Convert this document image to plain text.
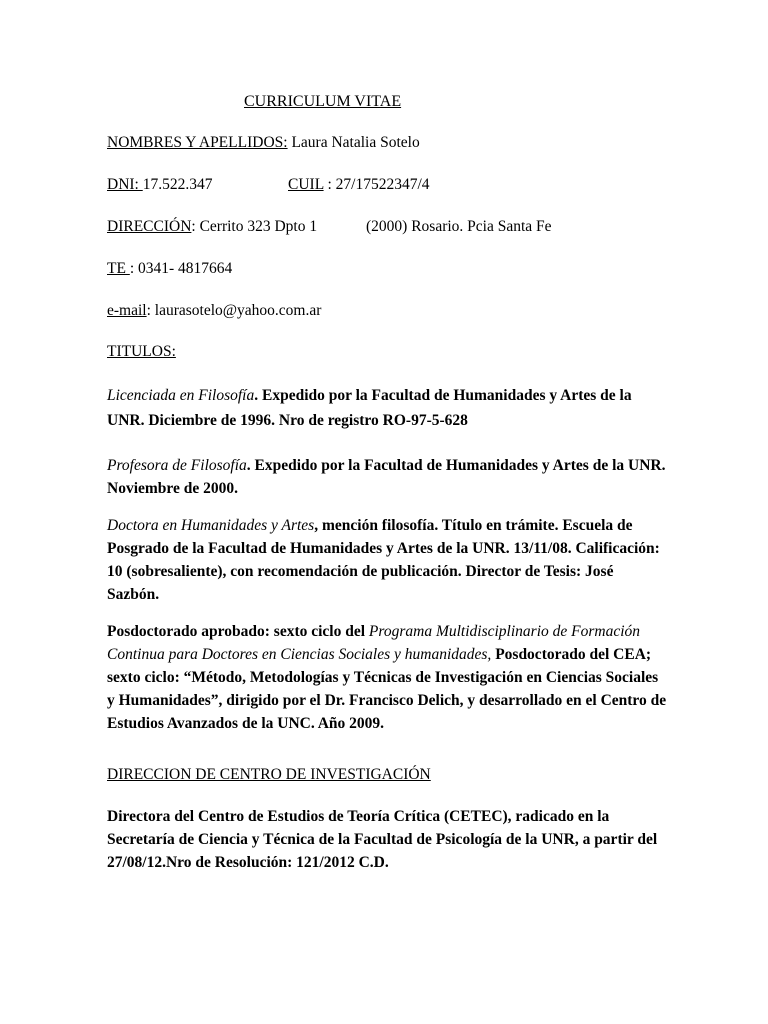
CURRICULUM VITAE
NOMBRES Y APELLIDOS: Laura Natalia Sotelo
DNI: 17.522.347	CUIL : 27/17522347/4
DIRECCIÓN: Cerrito 323 Dpto 1	(2000) Rosario. Pcia Santa Fe
TE : 0341- 4817664
e-mail: laurasotelo@yahoo.com.ar
TITULOS:
Licenciada en Filosofía. Expedido por la Facultad de Humanidades y Artes de la UNR. Diciembre de 1996. Nro de registro RO-97-5-628
Profesora de Filosofía. Expedido por la Facultad de Humanidades y Artes de la UNR. Noviembre de 2000.
Doctora en Humanidades y Artes, mención filosofía. Título en trámite. Escuela de Posgrado de la Facultad de Humanidades y Artes de la UNR. 13/11/08. Calificación: 10 (sobresaliente), con recomendación de publicación. Director de Tesis: José Sazbón.
Posdoctorado aprobado: sexto ciclo del Programa Multidisciplinario de Formación Continua para Doctores en Ciencias Sociales y humanidades, Posdoctorado del CEA; sexto ciclo: “Método, Metodologías y Técnicas de Investigación en Ciencias Sociales y Humanidades”, dirigido por el Dr. Francisco Delich, y desarrollado en el Centro de Estudios Avanzados de la UNC. Año 2009.
DIRECCION DE CENTRO DE INVESTIGACIÓN
Directora del Centro de Estudios de Teoría Crítica (CETEC), radicado en la Secretaría de Ciencia y Técnica de la Facultad de Psicología de la UNR, a partir del 27/08/12.Nro de Resolución: 121/2012 C.D.
